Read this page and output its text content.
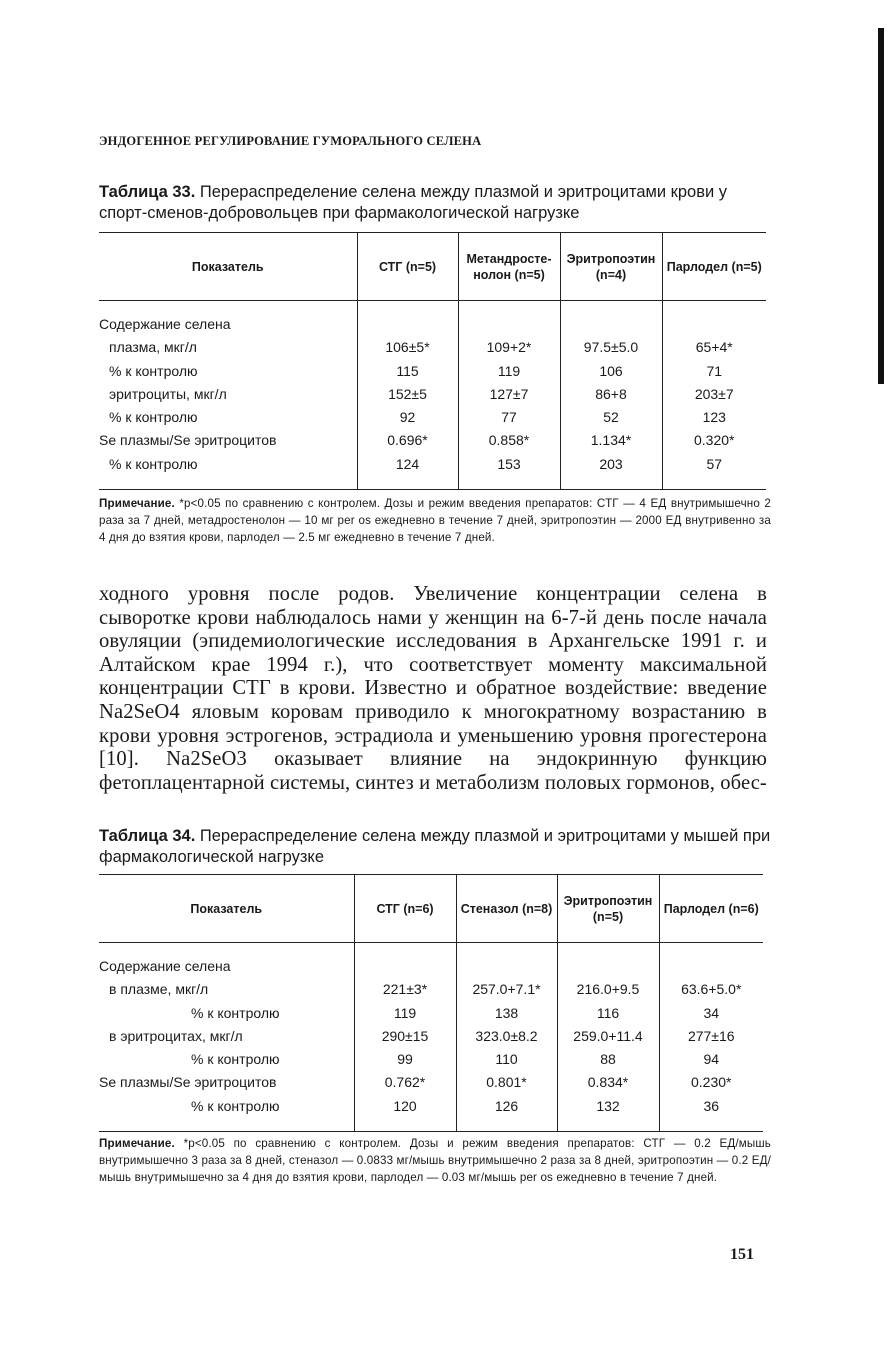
ЭНДОГЕННОЕ РЕГУЛИРОВАНИЕ ГУМОРАЛЬНОГО СЕЛЕНА

Таблица 33. Перераспределение селена между плазмой и эритроцитами крови у спорт-сменов-добровольцев при фармакологической нагрузке

Показатель	СТГ (n=5)	Метандросте-нолон (n=5)	Эритропоэтин (n=4)	Парлодел (n=5)

Содержание селена				
плазма, мкг/л	106±5*	109+2*	97.5±5.0	65+4*
% к контролю	115	119	106	71
эритроциты, мкг/л	152±5	127±7	86+8	203±7
% к контролю	92	77	52	123
Se плазмы/Se эритроцитов	0.696*	0.858*	1.134*	0.320*
% к контролю	124	153	203	57

Примечание. *p<0.05 по сравнению с контролем. Дозы и режим введения препаратов: СТГ — 4 ЕД внутримышечно 2 раза за 7 дней, метадростенолон — 10 мг per os ежедневно в течение 7 дней, эритропоэтин — 2000 ЕД внутривенно за 4 дня до взятия крови, парлодел — 2.5 мг ежедневно в течение 7 дней.

ходного уровня после родов. Увеличение концентрации селена в сыворотке крови наблюдалось нами у женщин на 6-7-й день после начала овуляции (эпидемиологические исследования в Архангельске 1991 г. и Алтайском крае 1994 г.), что соответствует моменту максимальной концентрации СТГ в крови. Известно и обратное воздействие: введение Na2SeO4 яловым коровам приводило к многократному возрастанию в крови уровня эстрогенов, эстрадиола и уменьшению уровня прогестерона [10]. Na2SeO3 оказывает влияние на эндокринную функцию фетоплацентарной системы, синтез и метаболизм половых гормонов, обес-

Таблица 34. Перераспределение селена между плазмой и эритроцитами у мышей при фармакологической нагрузке

Показатель	СТГ (n=6)	Стеназол (n=8)	Эритропоэтин (n=5)	Парлодел (n=6)

Содержание селена				
в плазме, мкг/л	221±3*	257.0+7.1*	216.0+9.5	63.6+5.0*
% к контролю	119	138	116	34
в эритроцитах, мкг/л	290±15	323.0±8.2	259.0+11.4	277±16
% к контролю	99	110	88	94
Se плазмы/Se эритроцитов	0.762*	0.801*	0.834*	0.230*
% к контролю	120	126	132	36

Примечание. *p<0.05 по сравнению с контролем. Дозы и режим введения препаратов: СТГ — 0.2 ЕД/мышь внутримышечно 3 раза за 8 дней, стеназол — 0.0833 мг/мышь внутримышечно 2 раза за 8 дней, эритропоэтин — 0.2 ЕД/мышь внутримышечно за 4 дня до взятия крови, парлодел — 0.03 мг/мышь per os ежедневно в течение 7 дней.

151
